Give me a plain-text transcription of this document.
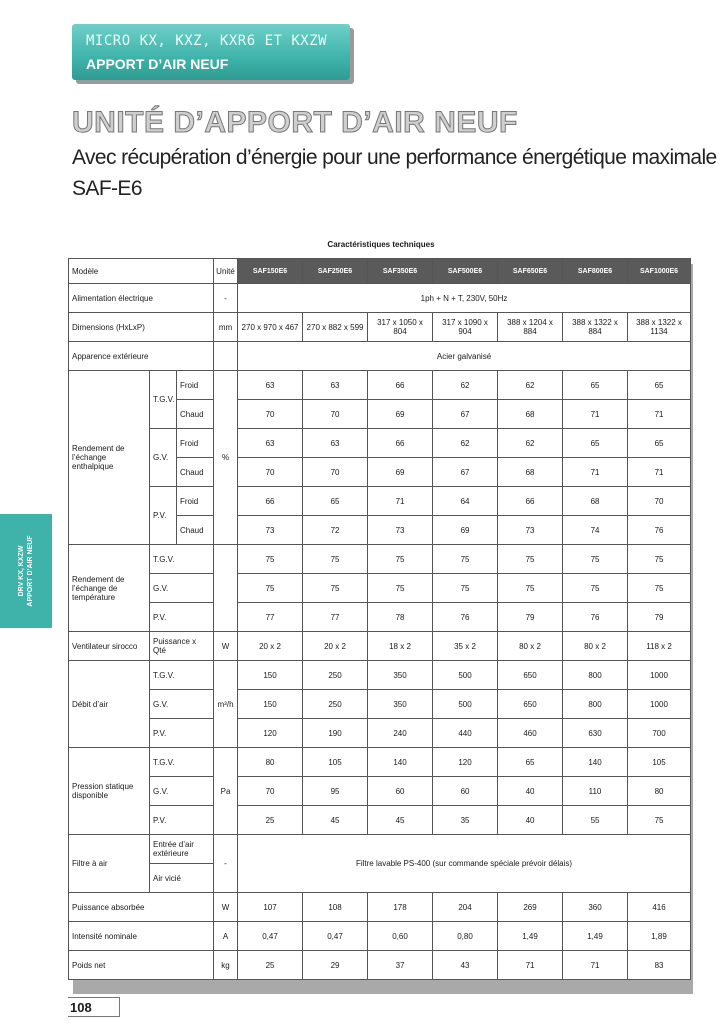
MICRO KX, KXZ, KXR6 ET KXZW
APPORT D’AIR NEUF
UNITÉ D’APPORT D’AIR NEUF
Avec récupération d’énergie pour une performance énergétique maximale
SAF-E6
DRV KX, KXZW APPORT D’AIR NEUF
Caractéristiques techniques
Modèle			Unité	SAF150E6	SAF250E6	SAF350E6	SAF500E6	SAF650E6	SAF800E6	SAF1000E6
Alimentation électrique			-	1ph + N + T, 230V, 50Hz						
Dimensions (HxLxP)			mm	270 x 970 x 467	270 x 882 x 599	317 x 1050 x 804	317 x 1090 x 904	388 x 1204 x 884	388 x 1322 x 884	388 x 1322 x 1134
Apparence extérieure				Acier galvanisé						
Rendement de l’échange enthalpique	T.G.V.	Froid	%	63	63	66	62	62	65	65
		Chaud		70	70	69	67	68	71	71
	G.V.	Froid		63	63	66	62	62	65	65
		Chaud		70	70	69	67	68	71	71
	P.V.	Froid		66	65	71	64	66	68	70
		Chaud		73	72	73	69	73	74	76
Rendement de l’échange de température	T.G.V.			75	75	75	75	75	75	75
	G.V.			75	75	75	75	75	75	75
	P.V.			77	77	78	76	79	76	79
Ventilateur sirocco	Puissance x Qté		W	20 x 2	20 x 2	18 x 2	35 x 2	80 x 2	80 x 2	118 x 2
Débit d’air	T.G.V.		m³/h	150	250	350	500	650	800	1000
	G.V.			150	250	350	500	650	800	1000
	P.V.			120	190	240	440	460	630	700
Pression statique disponible	T.G.V.		Pa	80	105	140	120	65	140	105
	G.V.			70	95	60	60	40	110	80
	P.V.			25	45	45	35	40	55	75
Filtre à air	Entrée d’air extérieure		-	Filtre lavable PS-400 (sur commande spéciale prévoir délais)						
	Air vicié									
Puissance absorbée			W	107	108	178	204	269	360	416
Intensité nominale			A	0,47	0,47	0,60	0,80	1,49	1,49	1,89
Poids net			kg	25	29	37	43	71	71	83
108
